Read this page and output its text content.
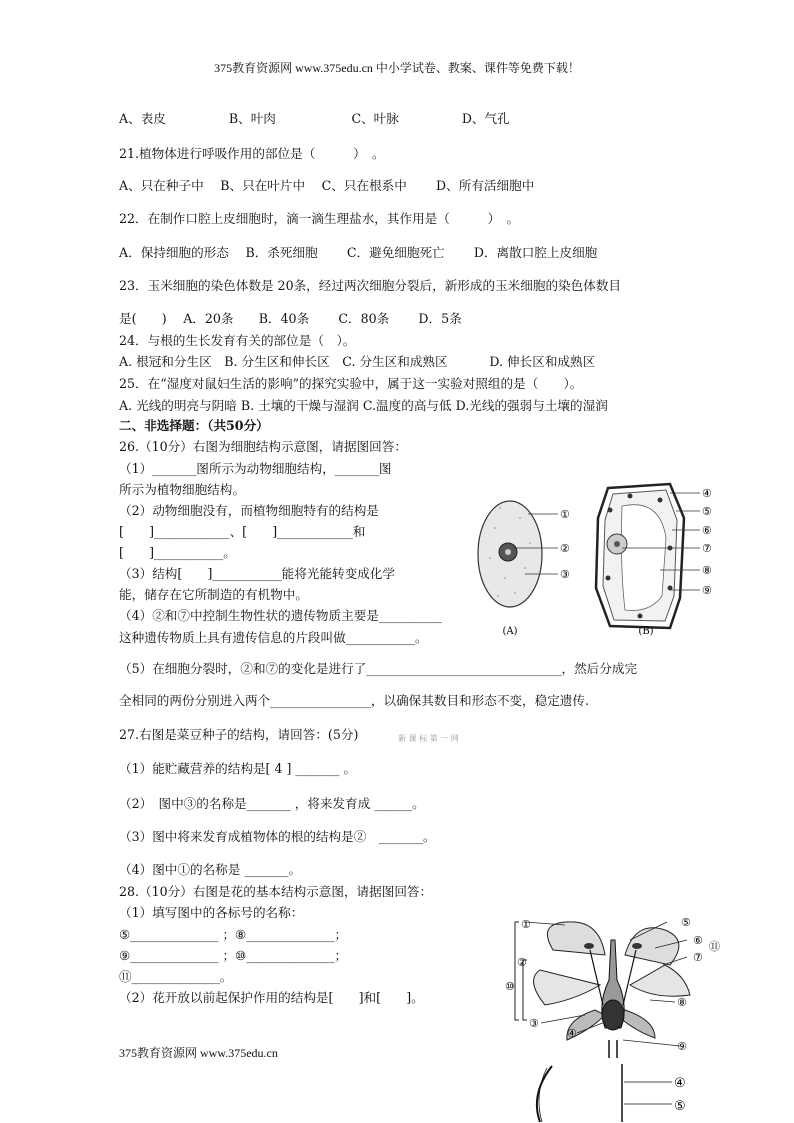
375教育资源网 www.375edu.cn 中小学试卷、教案、课件等免费下载！
A、表皮　　　　　B、叶肉　　　　　　C、叶脉　　　　　D、气孔
21.植物体进行呼吸作用的部位是（　　　）　。
A、只在种子中　 B、只在叶片中　 C、只在根系中　　 D、所有活细胞中
22．在制作口腔上皮细胞时，滴一滴生理盐水，其作用是（　　　）　。
A．保持细胞的形态　 B．杀死细胞　　 C．避免细胞死亡　　 D．离散口腔上皮细胞
23．玉米细胞的染色体数是 20条，经过两次细胞分裂后，新形成的玉米细胞的染色体数目
是(　　)　 A．20条　　B．40条　　 C．80条　　 D．5条
24．与根的生长发育有关的部位是（　）。
A. 根冠和分生区　B. 分生区和伸长区　C. 分生区和成熟区　　　 D. 伸长区和成熟区
25．在“湿度对鼠妇生活的影响”的探究实验中，属于这一实验对照组的是（　　）。
A. 光线的明亮与阴暗 B. 土壤的干燥与湿润 C.温度的高与低 D.光线的强弱与土壤的湿润
二、非选择题：（共50分）
26.（10分）右图为细胞结构示意图，请据图回答：
（1）_______图所示为动物细胞结构，_______图
所示为植物细胞结构。
（2）动物细胞没有，而植物细胞特有的结构是
[　　]____________、[　　]____________和
[　　]___________。
（3）结构[　　]___________能将光能转变成化学
能，储存在它所制造的有机物中。
（4）②和⑦中控制生物性状的遗传物质主要是__________
这种遗传物质上具有遗传信息的片段叫做___________。
（5）在细胞分裂时，②和⑦的变化是进行了_______________________________，然后分成完
全相同的两份分别进入两个________________，以确保其数目和形态不变，稳定遗传.
27.右图是菜豆种子的结构，请回答：(5分)
（1）能贮藏营养的结构是[ 4 ] _______ 。
（2）　图中③的名称是_______ ，将来发育成 ______。
（3）图中将来发育成植物体的根的结构是②　_______。
（4）图中①的名称是 _______。
28.（10分）右图是花的基本结构示意图，请据图回答：
（1）填写图中的各标号的名称：
⑤______________ ；⑧______________；
⑨______________ ；⑩______________；
⑪______________。
（2）花开放以前起保护作用的结构是[　　]和[　　]。
①
②
③
(A)
④
⑤
⑥
⑦
⑧
⑨
(B)
新 课 标 第 一 网
①
②
③
④
⑤
⑥
⑦
⑧
⑨
⑩
⑪
④
⑤
375教育资源网 www.375edu.cn
